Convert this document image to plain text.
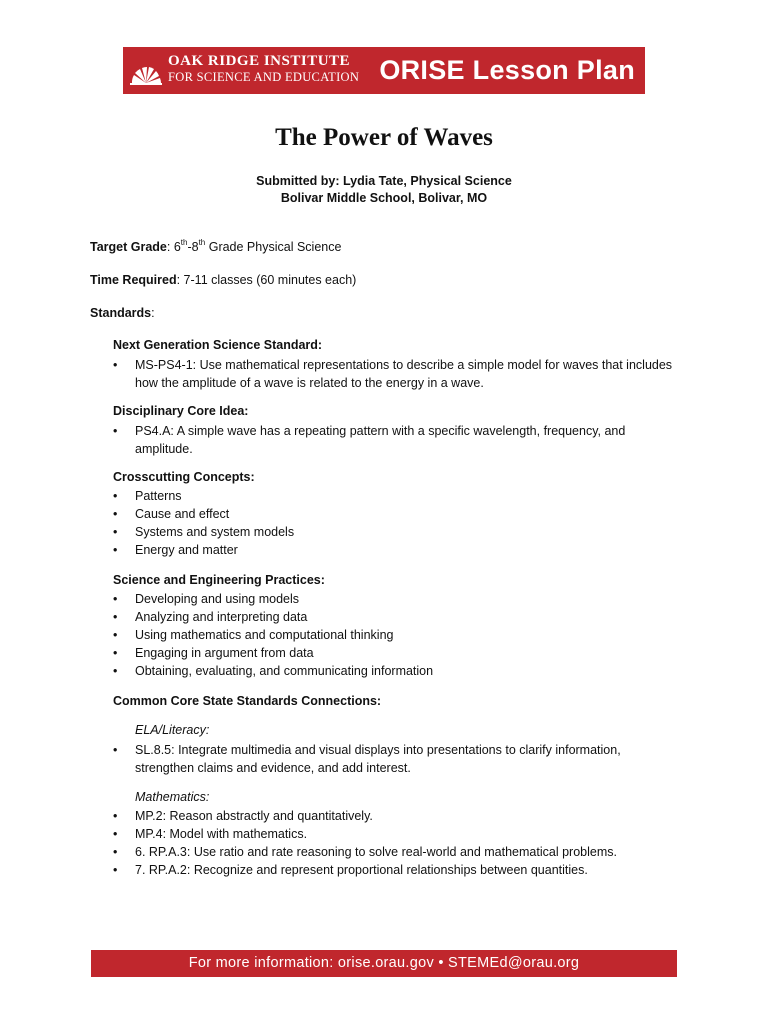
OAK RIDGE INSTITUTE
FOR SCIENCE AND EDUCATION ORISE Lesson Plan
The Power of Waves
Submitted by: Lydia Tate, Physical Science
Bolivar Middle School, Bolivar, MO
Target Grade: 6th-8th Grade Physical Science
Time Required: 7-11 classes (60 minutes each)
Standards:
Next Generation Science Standard:
•	MS-PS4-1: Use mathematical representations to describe a simple model for waves that includes how the amplitude of a wave is related to the energy in a wave.
Disciplinary Core Idea:
•	PS4.A: A simple wave has a repeating pattern with a specific wavelength, frequency, and amplitude.
Crosscutting Concepts:
•	Patterns
•	Cause and effect
•	Systems and system models
•	Energy and matter
Science and Engineering Practices:
•	Developing and using models
•	Analyzing and interpreting data
•	Using mathematics and computational thinking
•	Engaging in argument from data
•	Obtaining, evaluating, and communicating information
Common Core State Standards Connections:
ELA/Literacy:
•	SL.8.5: Integrate multimedia and visual displays into presentations to clarify information, strengthen claims and evidence, and add interest.
Mathematics:
•	MP.2: Reason abstractly and quantitatively.
•	MP.4: Model with mathematics.
•	6. RP.A.3: Use ratio and rate reasoning to solve real-world and mathematical problems.
•	7. RP.A.2: Recognize and represent proportional relationships between quantities.
For more information: orise.orau.gov • STEMEd@orau.org
